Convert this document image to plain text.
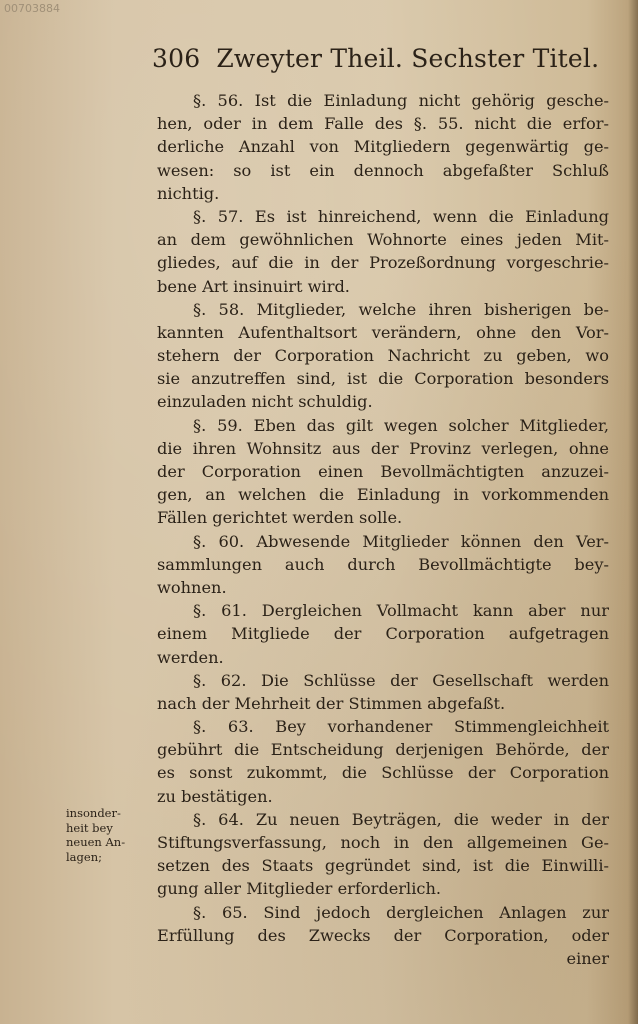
00703884
306 Zweyter Theil. Sechster Titel.
§. 56. Ist die Einladung nicht gehörig gesche-
hen, oder in dem Falle des §. 55. nicht die erfor-
derliche Anzahl von Mitgliedern gegenwärtig ge-
wesen: so ist ein dennoch abgefaßter Schluß
nichtig.
§. 57. Es ist hinreichend, wenn die Einladung
an dem gewöhnlichen Wohnorte eines jeden Mit-
gliedes, auf die in der Prozeßordnung vorgeschrie-
bene Art insinuirt wird.
§. 58. Mitglieder, welche ihren bisherigen be-
kannten Aufenthaltsort verändern, ohne den Vor-
stehern der Corporation Nachricht zu geben, wo
sie anzutreffen sind, ist die Corporation besonders
einzuladen nicht schuldig.
§. 59. Eben das gilt wegen solcher Mitglieder,
die ihren Wohnsitz aus der Provinz verlegen, ohne
der Corporation einen Bevollmächtigten anzuzei-
gen, an welchen die Einladung in vorkommenden
Fällen gerichtet werden solle.
§. 60. Abwesende Mitglieder können den Ver-
sammlungen auch durch Bevollmächtigte bey-
wohnen.
§. 61. Dergleichen Vollmacht kann aber nur
einem Mitgliede der Corporation aufgetragen
werden.
§. 62. Die Schlüsse der Gesellschaft werden
nach der Mehrheit der Stimmen abgefaßt.
§. 63. Bey vorhandener Stimmengleichheit
gebührt die Entscheidung derjenigen Behörde, der
es sonst zukommt, die Schlüsse der Corporation
zu bestätigen.
§. 64. Zu neuen Beyträgen, die weder in der
Stiftungsverfassung, noch in den allgemeinen Ge-
setzen des Staats gegründet sind, ist die Einwilli-
gung aller Mitglieder erforderlich.
§. 65. Sind jedoch dergleichen Anlagen zur
Erfüllung des Zwecks der Corporation, oder
einer
insonder-
heit bey
neuen An-
lagen;
